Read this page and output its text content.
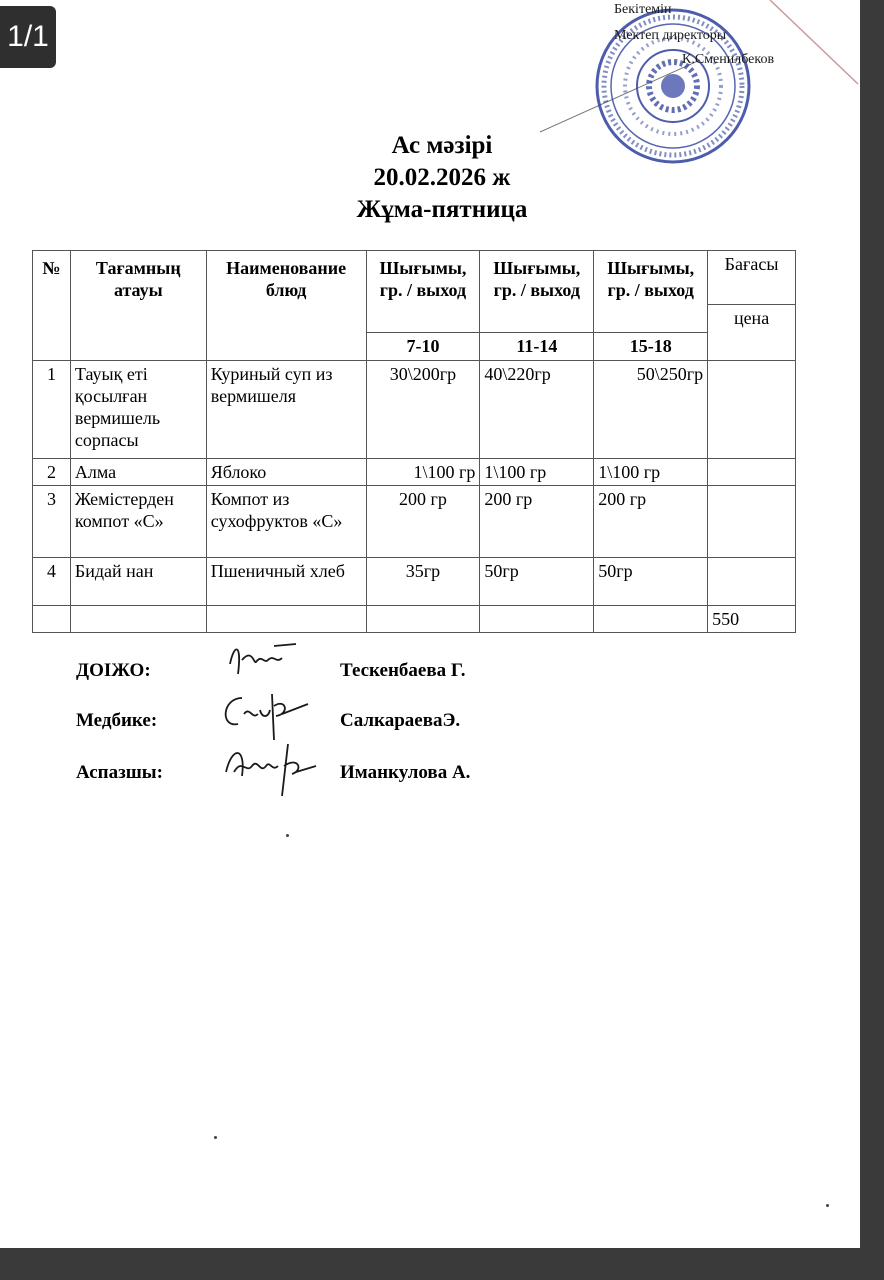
Бекітемін
Мектеп директоры
К.Сменилбеков
Ас мәзірі
20.02.2026 ж
Жұма-пятница
№	Тағамның атауы	Наименование блюд	Шығымы, гр. / выход	Шығымы, гр. / выход	Шығымы, гр. / выход	Бағасы
						цена
			7-10	11-14	15-18	
1	Тауық еті қосылған вермишель сорпасы	Куриный суп из вермишеля	30\200гр	40\220гр	50\250гр	
2	Алма	Яблоко	1\100 гр	1\100 гр	1\100 гр	
3	Жемістерден компот «С»	Компот из сухофруктов «С»	200 гр	200 гр	200 гр	
4	Бидай нан	Пшеничный хлеб	35гр	50гр	50гр	
						550
ДОІЖО:	Тескенбаева Г.
Медбике:	СалкараеваЭ.
Аспазшы:	Иманкулова А.
1/1
